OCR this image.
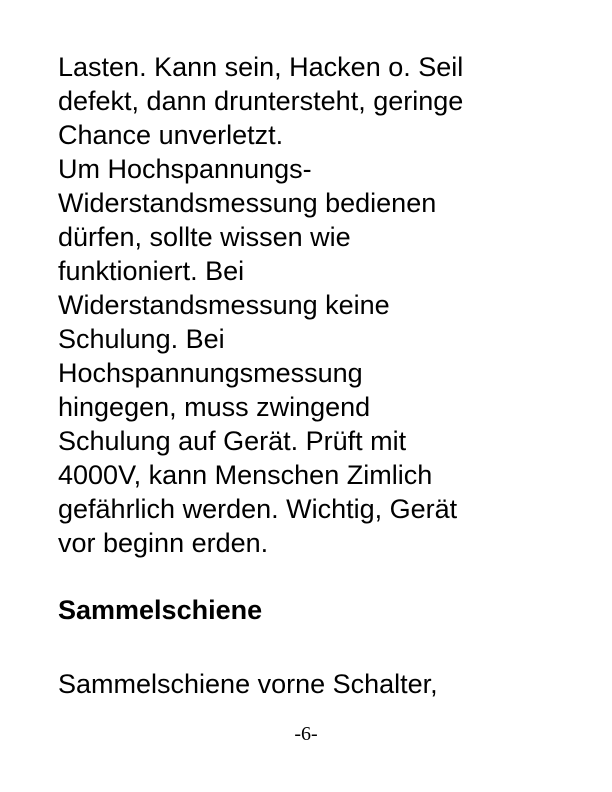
Lasten. Kann sein, Hacken o. Seil
defekt, dann druntersteht, geringe
Chance unverletzt.
Um Hochspannungs-
Widerstandsmessung bedienen
dürfen, sollte wissen wie
funktioniert. Bei
Widerstandsmessung keine
Schulung. Bei
Hochspannungsmessung
hingegen, muss zwingend
Schulung auf Gerät. Prüft mit
4000V, kann Menschen Zimlich
gefährlich werden. Wichtig, Gerät
vor beginn erden.
Sammelschiene
Sammelschiene vorne Schalter,
-6-
